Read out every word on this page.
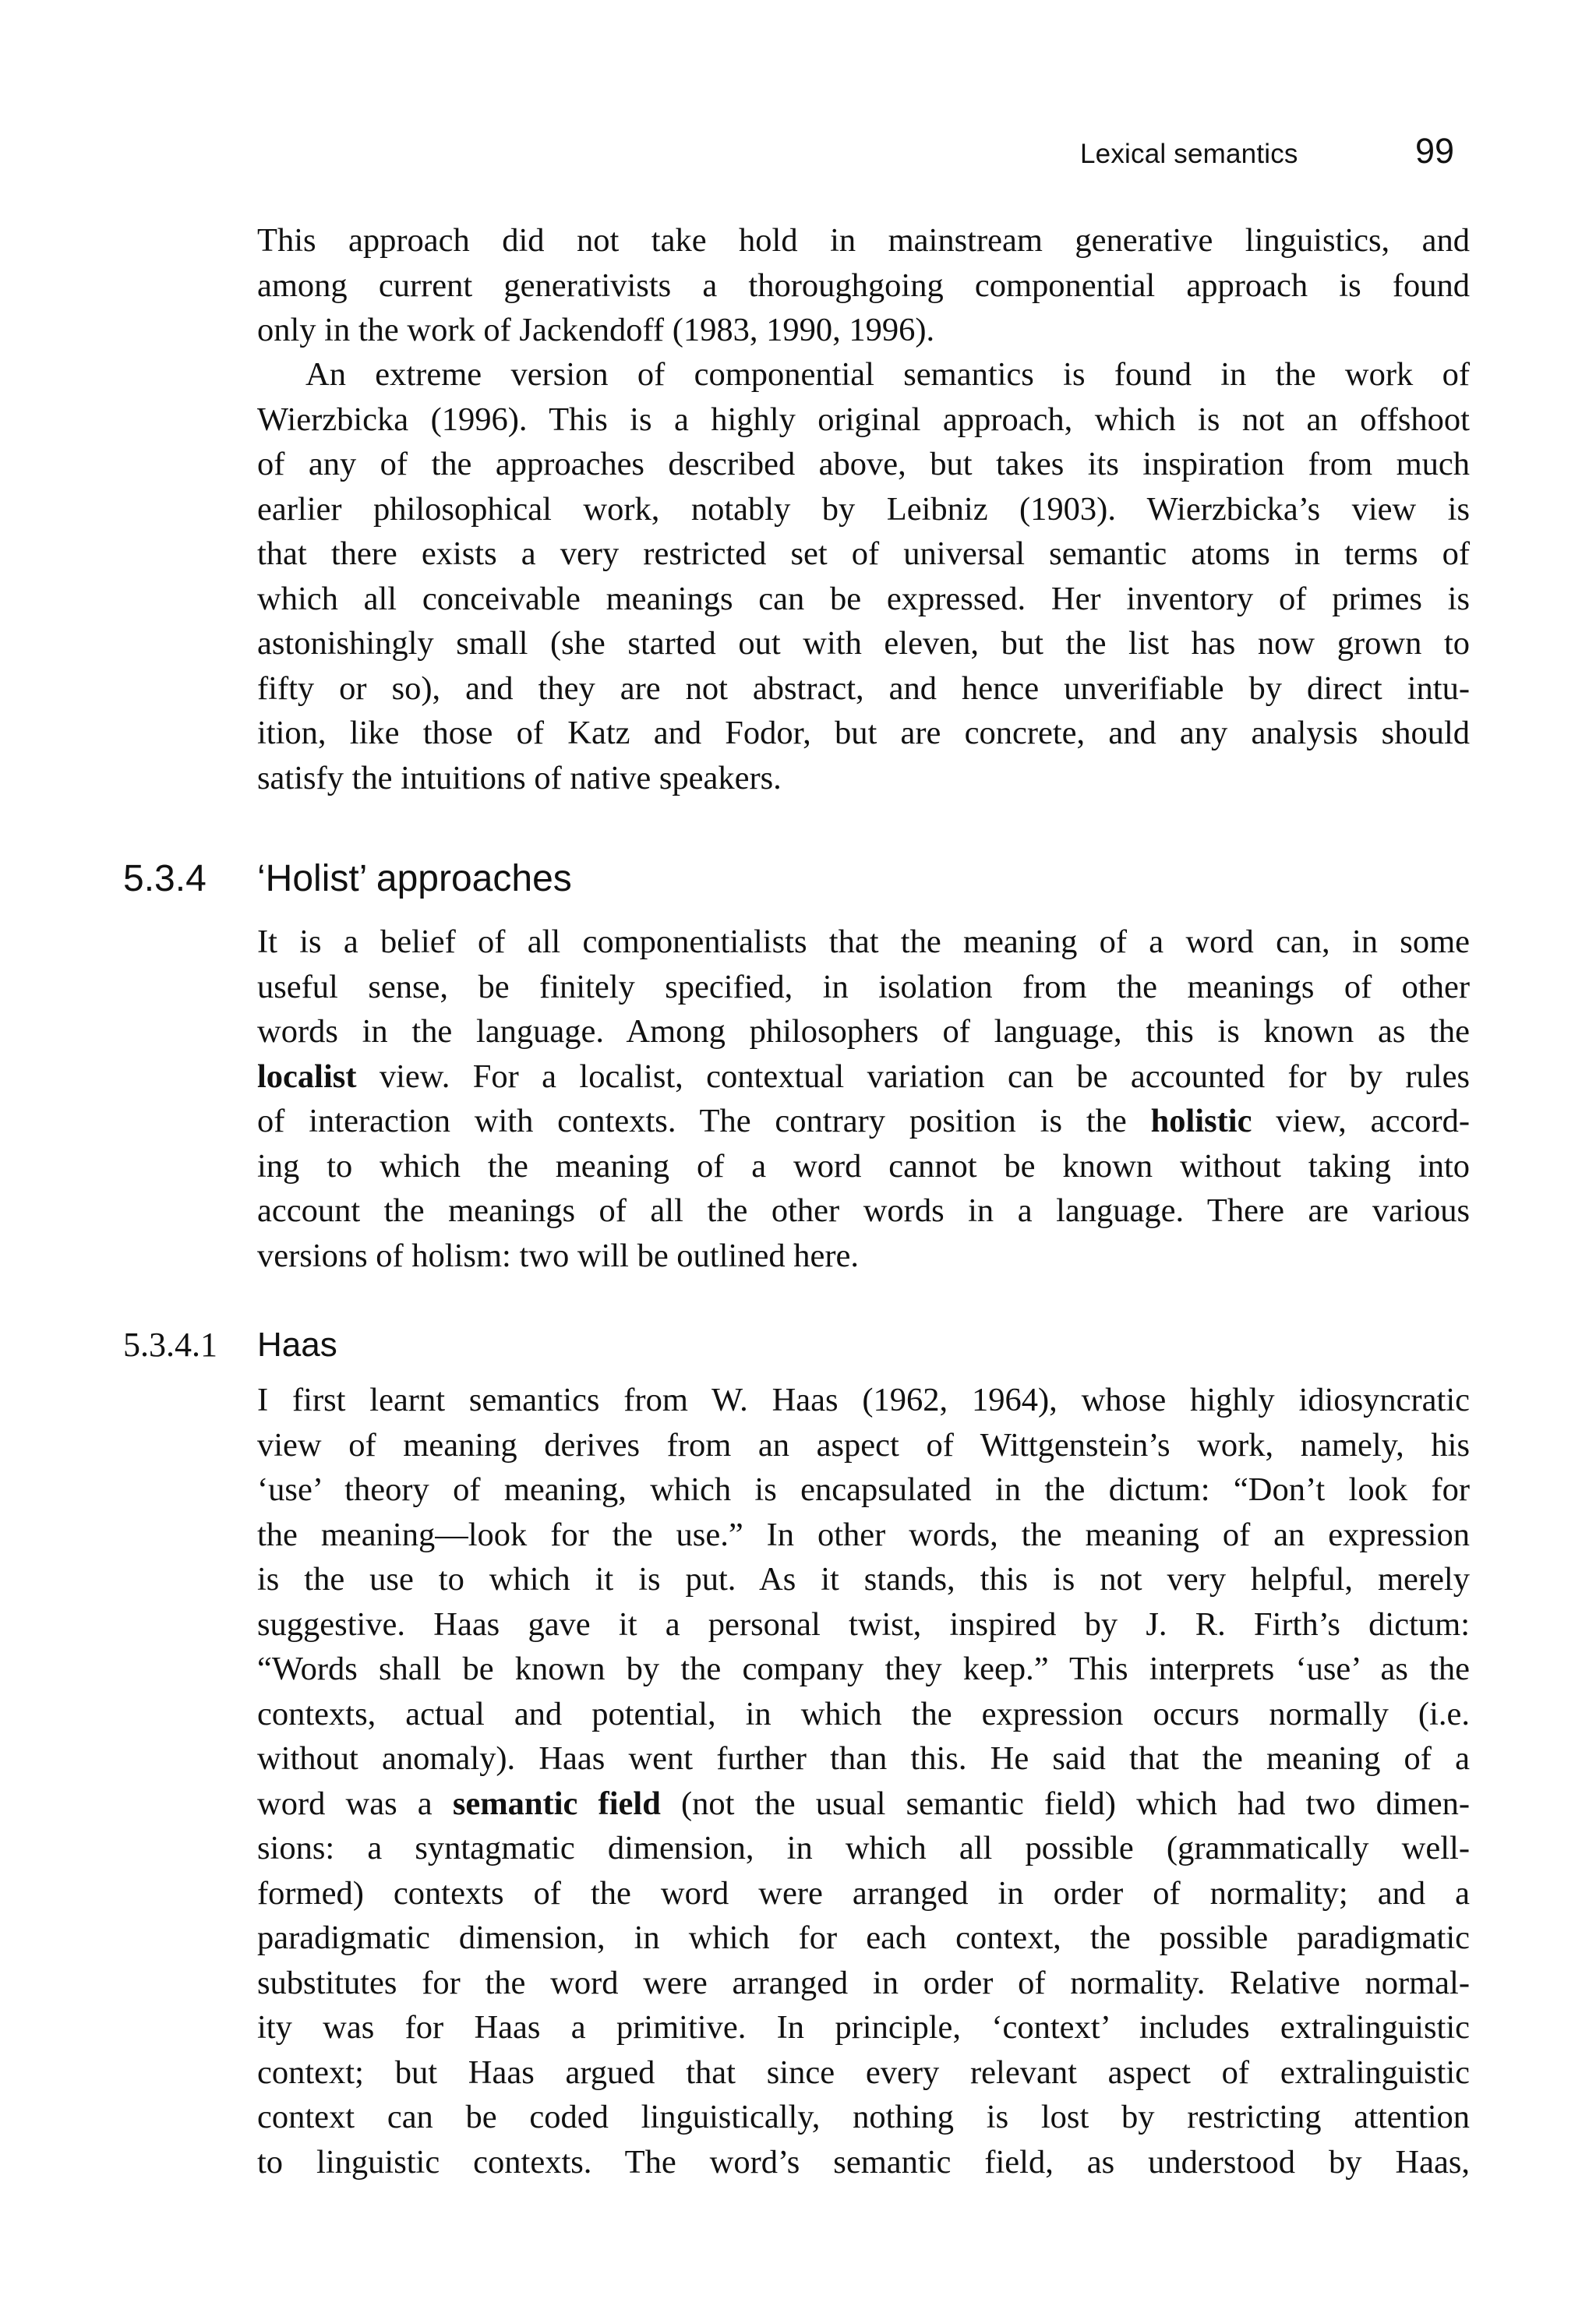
Lexical semantics	99

This approach did not take hold in mainstream generative linguistics, and
among current generativists a thoroughgoing componential approach is found
only in the work of Jackendoff (1983, 1990, 1996).

An extreme version of componential semantics is found in the work of
Wierzbicka (1996). This is a highly original approach, which is not an offshoot
of any of the approaches described above, but takes its inspiration from much
earlier philosophical work, notably by Leibniz (1903). Wierzbicka’s view is
that there exists a very restricted set of universal semantic atoms in terms of
which all conceivable meanings can be expressed. Her inventory of primes is
astonishingly small (she started out with eleven, but the list has now grown to
fifty or so), and they are not abstract, and hence unverifiable by direct intu-
ition, like those of Katz and Fodor, but are concrete, and any analysis should
satisfy the intuitions of native speakers.

5.3.4	‘Holist’ approaches

It is a belief of all componentialists that the meaning of a word can, in some
useful sense, be finitely specified, in isolation from the meanings of other
words in the language. Among philosophers of language, this is known as the
localist view. For a localist, contextual variation can be accounted for by rules
of interaction with contexts. The contrary position is the holistic view, accord-
ing to which the meaning of a word cannot be known without taking into
account the meanings of all the other words in a language. There are various
versions of holism: two will be outlined here.

5.3.4.1	Haas

I first learnt semantics from W. Haas (1962, 1964), whose highly idiosyncratic
view of meaning derives from an aspect of Wittgenstein’s work, namely, his
‘use’ theory of meaning, which is encapsulated in the dictum: “Don’t look for
the meaning—look for the use.” In other words, the meaning of an expression
is the use to which it is put. As it stands, this is not very helpful, merely
suggestive. Haas gave it a personal twist, inspired by J. R. Firth’s dictum:
“Words shall be known by the company they keep.” This interprets ‘use’ as the
contexts, actual and potential, in which the expression occurs normally (i.e.
without anomaly). Haas went further than this. He said that the meaning of a
word was a semantic field (not the usual semantic field) which had two dimen-
sions: a syntagmatic dimension, in which all possible (grammatically well-
formed) contexts of the word were arranged in order of normality; and a
paradigmatic dimension, in which for each context, the possible paradigmatic
substitutes for the word were arranged in order of normality. Relative normal-
ity was for Haas a primitive. In principle, ‘context’ includes extralinguistic
context; but Haas argued that since every relevant aspect of extralinguistic
context can be coded linguistically, nothing is lost by restricting attention
to linguistic contexts. The word’s semantic field, as understood by Haas,
